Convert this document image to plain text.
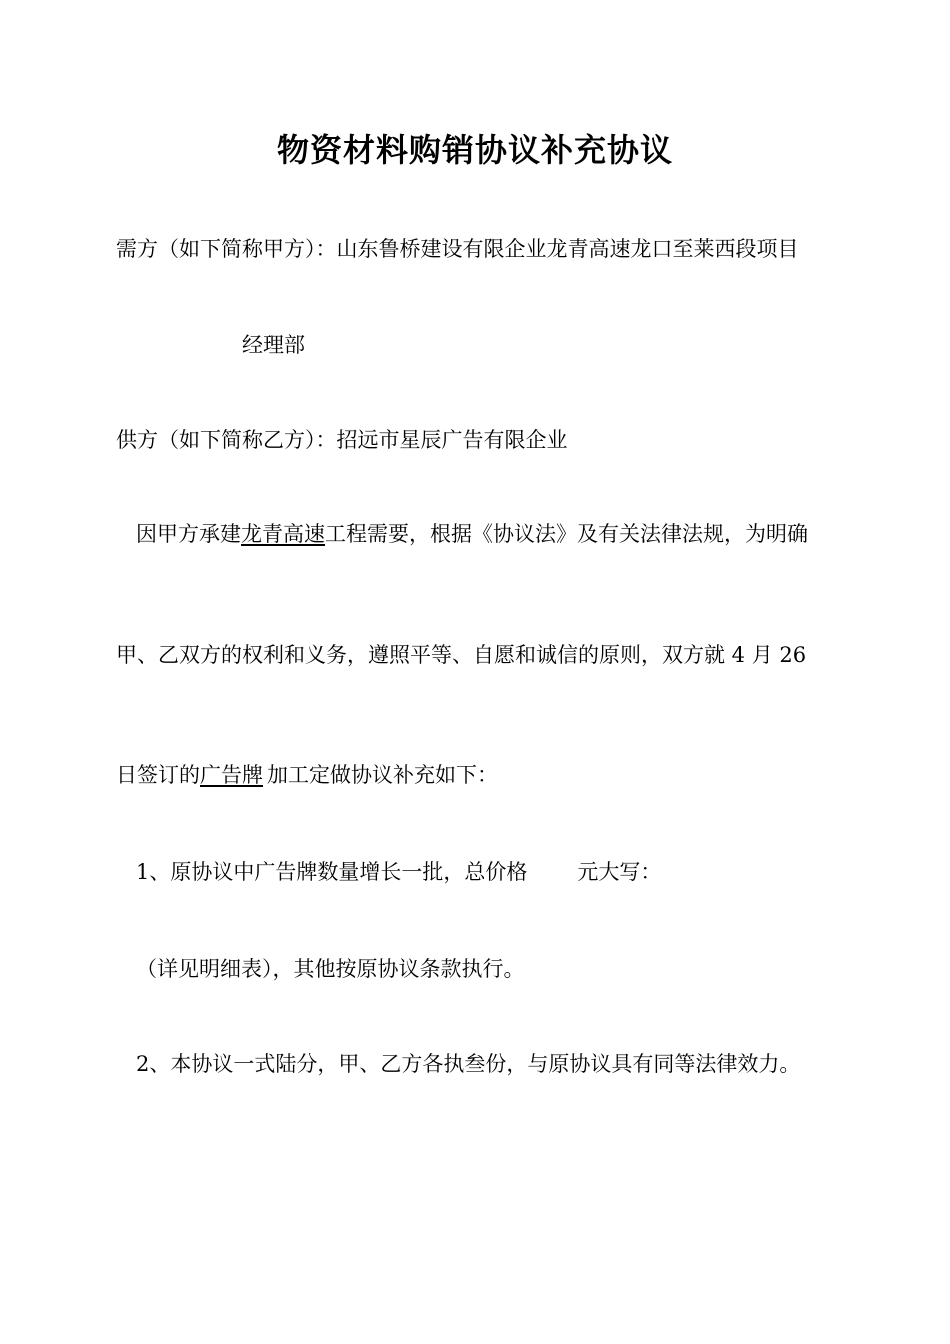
物资材料购销协议补充协议
需方（如下简称甲方）：山东鲁桥建设有限企业龙青高速龙口至莱西段项目
经理部
供方（如下简称乙方）：招远市星辰广告有限企业
因甲方承建龙青高速工程需要，根据《协议法》及有关法律法规，为明确
甲、乙双方的权利和义务，遵照平等、自愿和诚信的原则，双方就 4 月 26
日签订的广告牌 加工定做协议补充如下：
1、原协议中广告牌数量增长一批，总价格 元大写：
（详见明细表），其他按原协议条款执行。
2、本协议一式陆分，甲、乙方各执叁份，与原协议具有同等法律效力。
